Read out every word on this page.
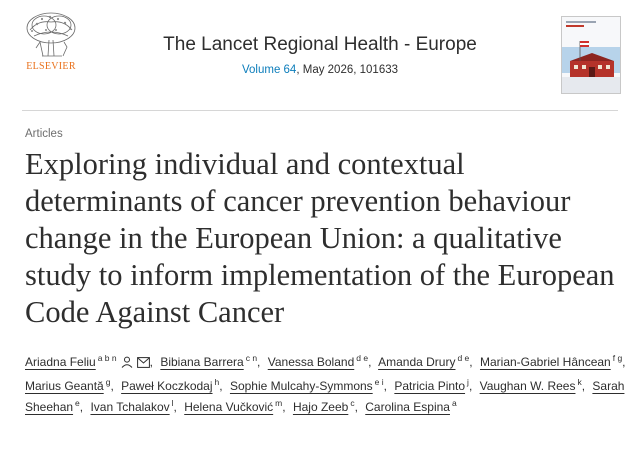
ELSEVIER
The Lancet Regional Health - Europe
Volume 64, May 2026, 101633
Articles
Exploring individual and contextual determinants of cancer prevention behaviour change in the European Union: a qualitative study to inform implementation of the European Code Against Cancer
Ariadna Feliu $^{a b n}$	, Bibiana Barrera $^{c n}$, Vanessa Boland $^{d e}$, Amanda Drury $^{d e}$, Marian-Gabriel Hâncean $^{f g}$, Marius Geantă $^g$, Paweł Koczkodaj $^h$, Sophie Mulcahy-Symmons $^{e i}$, Patricia Pinto $^j$, Vaughan W. Rees $^k$, Sarah Sheehan $^e$, Ivan Tchalakov $^l$, Helena Vučković $^m$, Hajo Zeeb $^c$, Carolina Espina $^a$
